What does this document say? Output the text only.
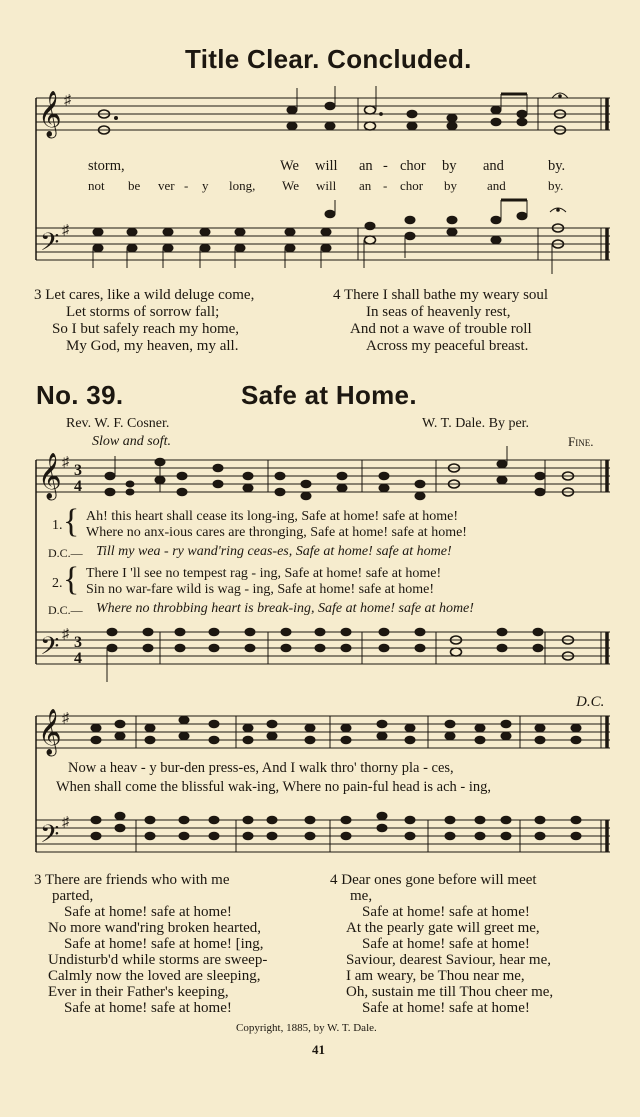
Title Clear. Concluded.
𝄞
𝄢
♯
♯
storm,	We will an - chor by and	by.
not be ver - y long, We will an - chor by and	by.
3 Let cares, like a wild deluge come,
Let storms of sorrow fall;
So I but safely reach my home,
My God, my heaven, my all.
4 There I shall bathe my weary soul
In seas of heavenly rest,
And not a wave of trouble roll
Across my peaceful breast.
No. 39.	Safe at Home.
Rev. W. F. Cosner.	W. T. Dale. By per.
Slow and soft.	Fine.
𝄞
𝄢
♯
♯
3
4
3
4
1. { Ah! this heart shall cease its long-ing, Safe at home! safe at home!
Where no anx-ious cares are thronging, Safe at home! safe at home!
D.C.— Till my wea - ry wand'ring ceas-es, Safe at home! safe at home!
2. { There I 'll see no tempest rag - ing, Safe at home! safe at home!
Sin no war-fare wild is wag - ing, Safe at home! safe at home!
D.C.— Where no throbbing heart is break-ing, Safe at home! safe at home!
D.C.
𝄞
𝄢
♯
♯
Now a heav - y bur-den press-es, And I walk thro' thorny pla - ces,
When shall come the blissful wak-ing, Where no pain-ful head is ach - ing,
3 There are friends who with me
parted,
Safe at home! safe at home!
No more wand'ring broken hearted,
Safe at home! safe at home! [ing,
Undisturb'd while storms are sweep-
Calmly now the loved are sleeping,
Ever in their Father's keeping,
Safe at home! safe at home!
4 Dear ones gone before will meet
me,
Safe at home! safe at home!
At the pearly gate will greet me,
Safe at home! safe at home!
Saviour, dearest Saviour, hear me,
I am weary, be Thou near me,
Oh, sustain me till Thou cheer me,
Safe at home! safe at home!
Copyright, 1885, by W. T. Dale.
41
